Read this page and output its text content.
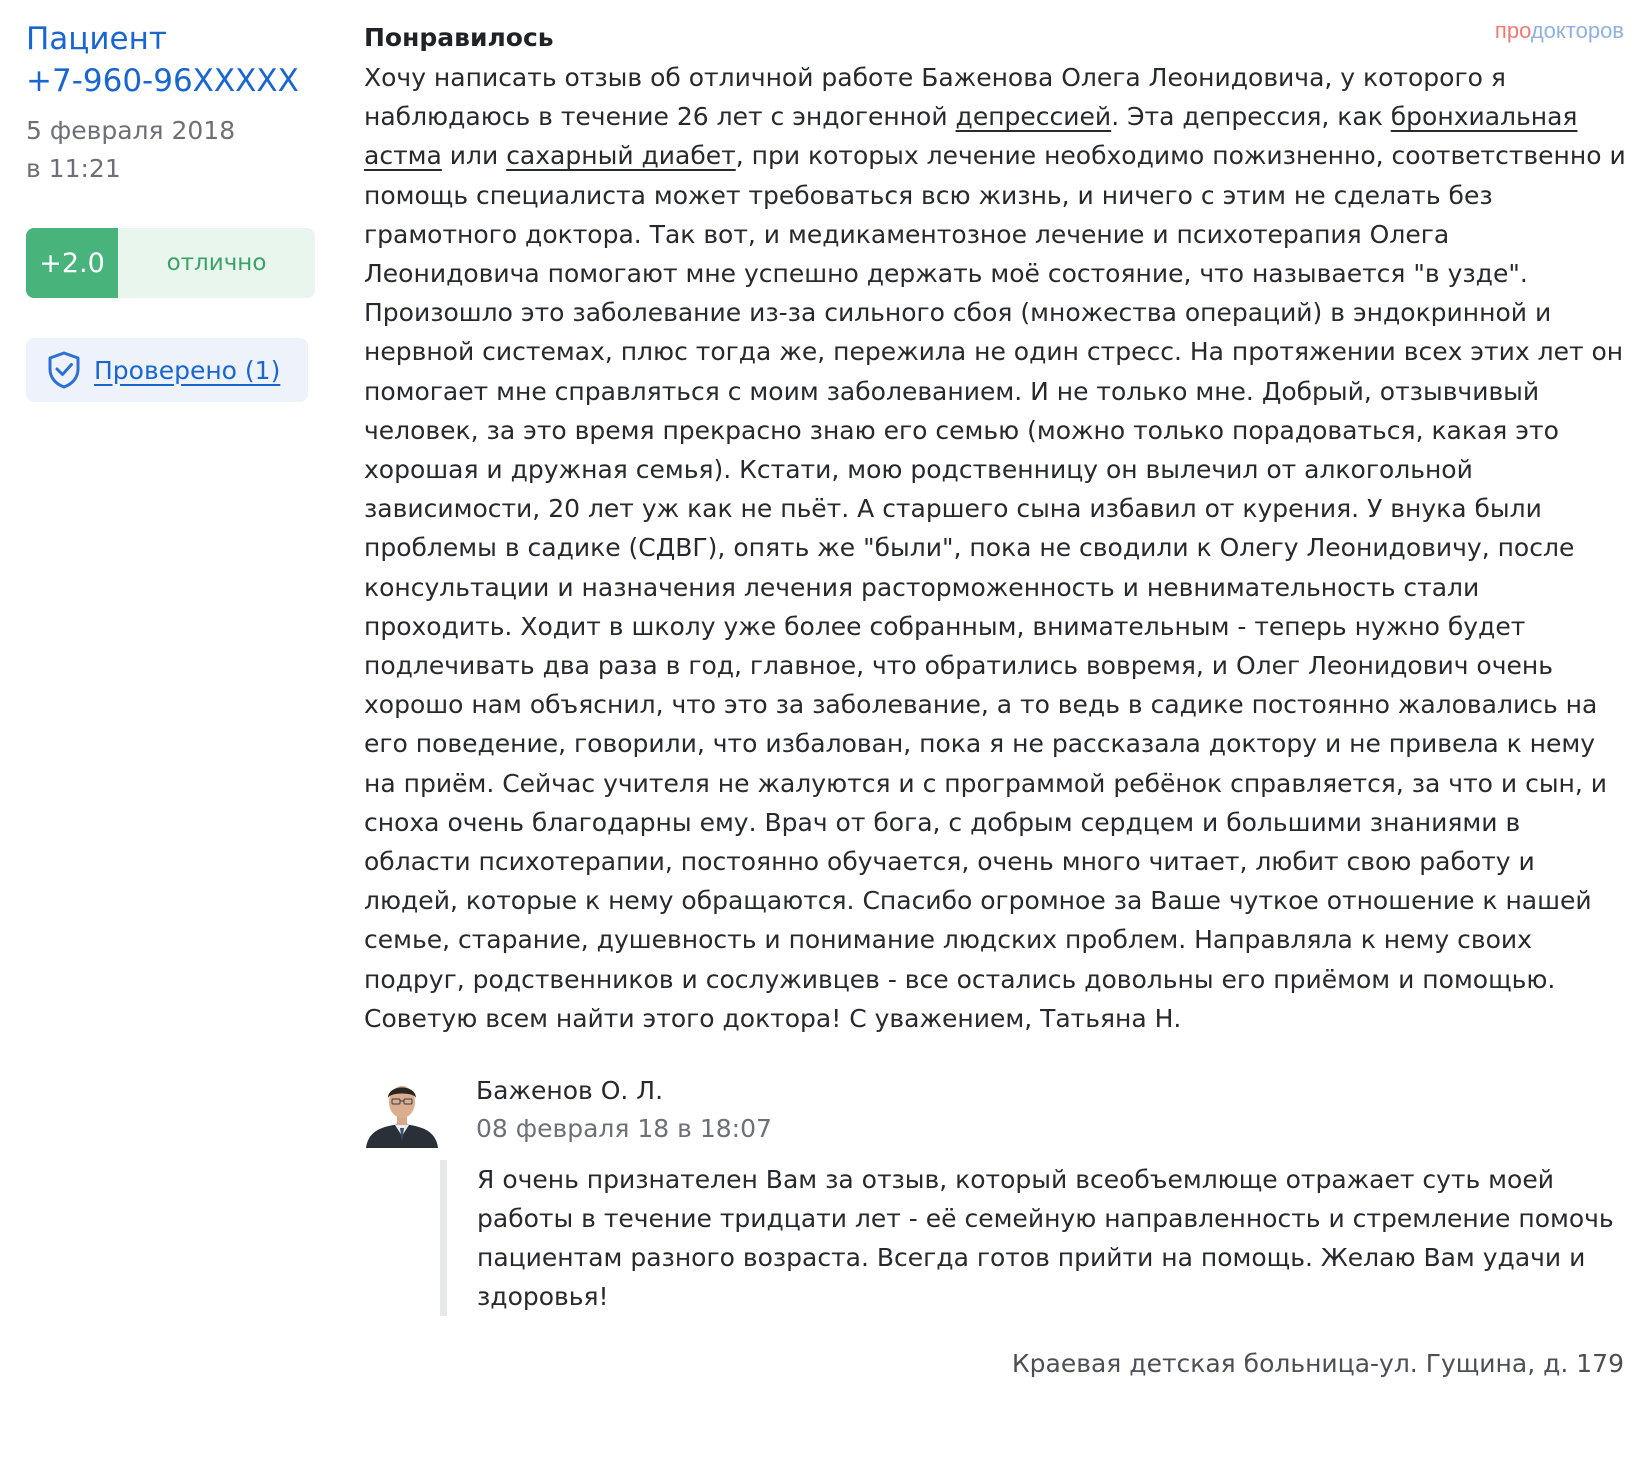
Пациент
+7-960-96XXXXX
5 февраля 2018
в 11:21
+2.0	отлично
Проверено (1)
продокторов
Понравилось

Хочу написать отзыв об отличной работе Баженова Олега Леонидовича, у которого я наблюдаюсь в течение 26 лет с эндогенной депрессией. Эта депрессия, как бронхиальная астма или сахарный диабет, при которых лечение необходимо пожизненно, соответственно и помощь специалиста может требоваться всю жизнь, и ничего с этим не сделать без грамотного доктора. Так вот, и медикаментозное лечение и психотерапия Олега Леонидовича помогают мне успешно держать моё состояние, что называется "в узде". Произошло это заболевание из-за сильного сбоя (множества операций) в эндокринной и нервной системах, плюс тогда же, пережила не один стресс. На протяжении всех этих лет он помогает мне справляться с моим заболеванием. И не только мне. Добрый, отзывчивый человек, за это время прекрасно знаю его семью (можно только порадоваться, какая это хорошая и дружная семья). Кстати, мою родственницу он вылечил от алкогольной зависимости, 20 лет уж как не пьёт. А старшего сына избавил от курения. У внука были проблемы в садике (СДВГ), опять же "были", пока не сводили к Олегу Леонидовичу, после консультации и назначения лечения расторможенность и невнимательность стали проходить. Ходит в школу уже более собранным, внимательным - теперь нужно будет подлечивать два раза в год, главное, что обратились вовремя, и Олег Леонидович очень хорошо нам объяснил, что это за заболевание, а то ведь в садике постоянно жаловались на его поведение, говорили, что избалован, пока я не рассказала доктору и не привела к нему на приём. Сейчас учителя не жалуются и с программой ребёнок справляется, за что и сын, и сноха очень благодарны ему. Врач от бога, с добрым сердцем и большими знаниями в области психотерапии, постоянно обучается, очень много читает, любит свою работу и людей, которые к нему обращаются. Спасибо огромное за Ваше чуткое отношение к нашей семье, старание, душевность и понимание людских проблем. Направляла к нему своих подруг, родственников и сослуживцев - все остались довольны его приёмом и помощью. Советую всем найти этого доктора! С уважением, Татьяна Н.

Баженов О. Л.
08 февраля 18 в 18:07
Я очень признателен Вам за отзыв, который всеобъемлюще отражает суть моей работы в течение тридцати лет - её семейную направленность и стремление помочь пациентам разного возраста. Всегда готов прийти на помощь. Желаю Вам удачи и здоровья!
Краевая детская больница-ул. Гущина, д. 179
